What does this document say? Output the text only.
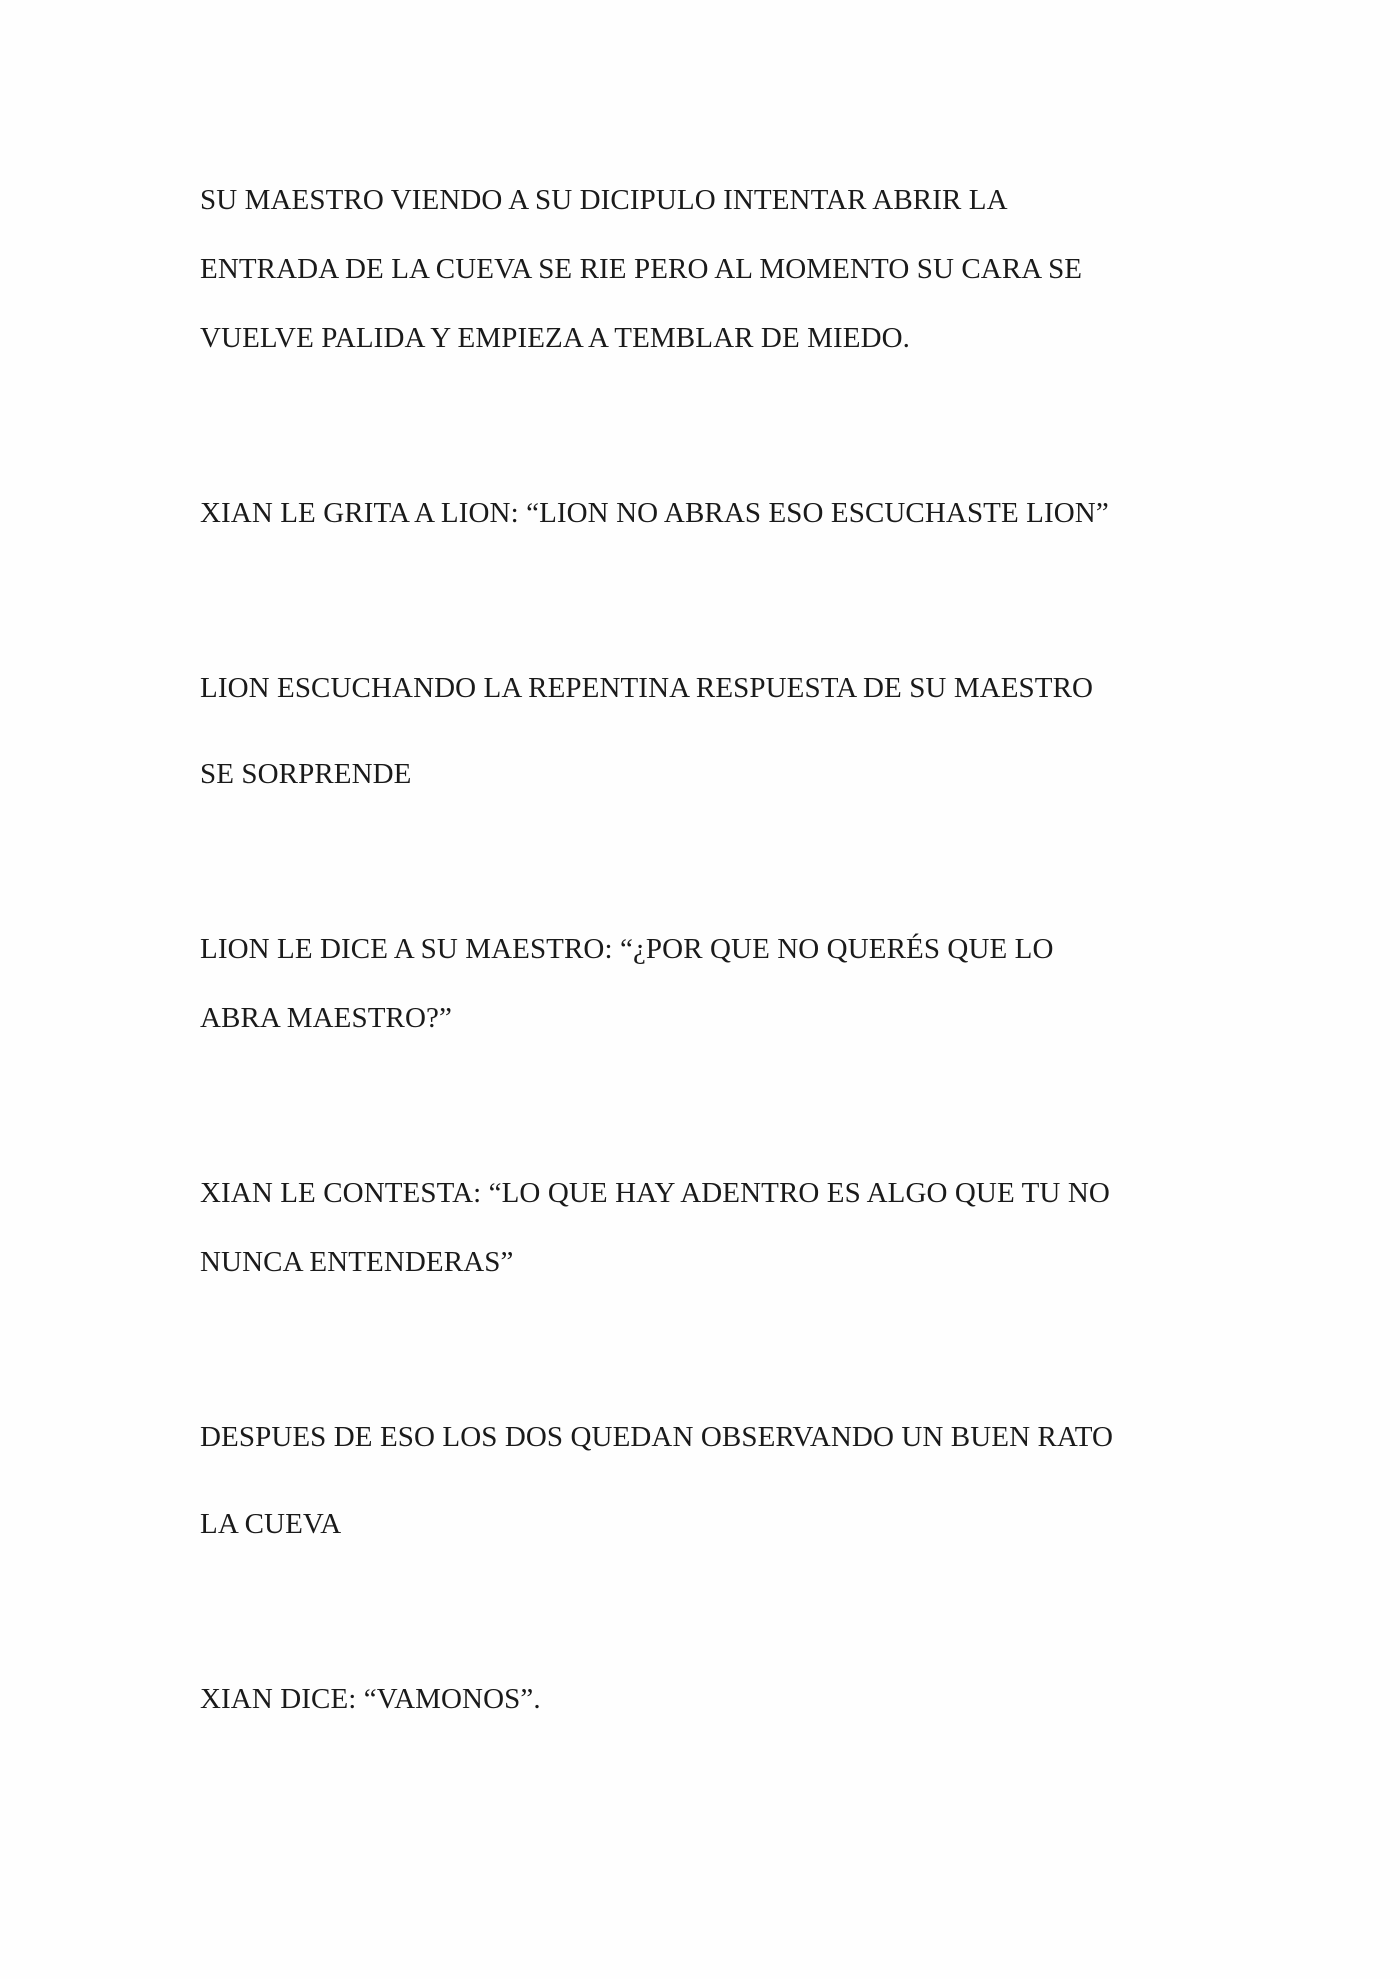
SU MAESTRO VIENDO A SU DICIPULO INTENTAR ABRIR LA

ENTRADA DE LA CUEVA SE RIE PERO AL MOMENTO SU CARA SE

VUELVE PALIDA Y EMPIEZA A TEMBLAR DE MIEDO.

XIAN LE GRITA A LION: “LION NO ABRAS ESO ESCUCHASTE LION”

LION ESCUCHANDO LA REPENTINA RESPUESTA DE SU MAESTRO

SE SORPRENDE

LION LE DICE A SU MAESTRO: “¿POR QUE NO QUERÉS QUE LO

ABRA MAESTRO?”

XIAN LE CONTESTA: “LO QUE HAY ADENTRO ES ALGO QUE TU NO

NUNCA ENTENDERAS”

DESPUES DE ESO LOS DOS QUEDAN OBSERVANDO UN BUEN RATO

LA CUEVA

XIAN DICE: “VAMONOS”.
